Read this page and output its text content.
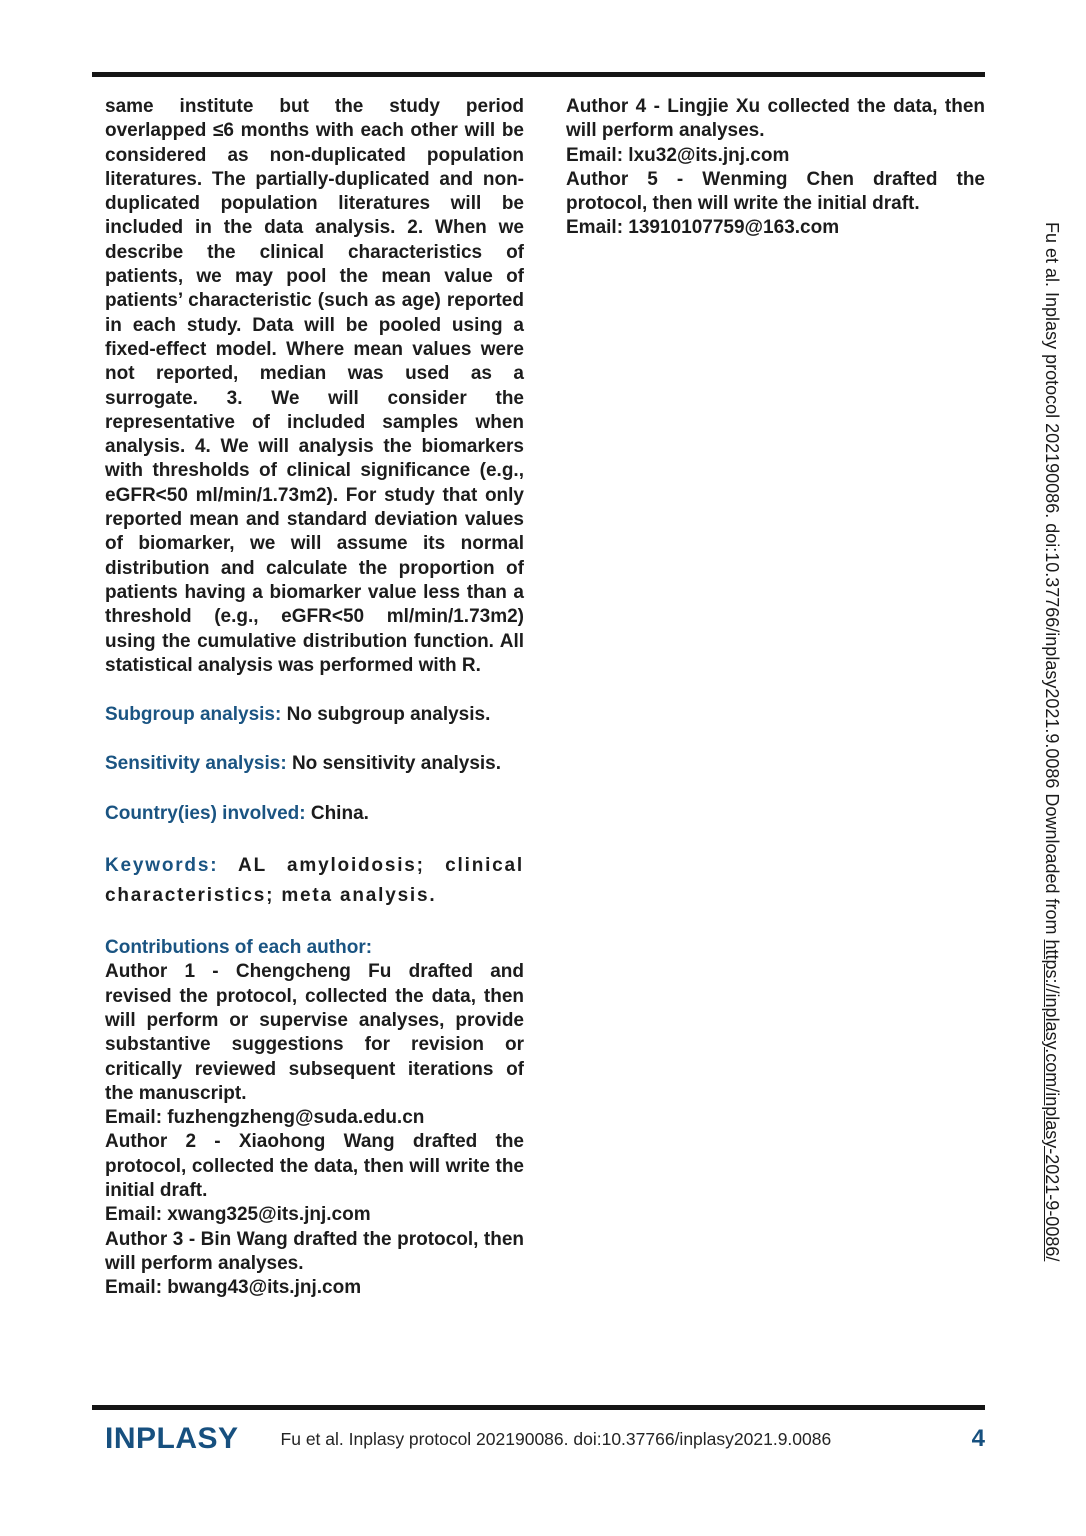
same institute but the study period overlapped ≤6 months with each other will be considered as non-duplicated population literatures. The partially-duplicated and non-duplicated population literatures will be included in the data analysis. 2. When we describe the clinical characteristics of patients, we may pool the mean value of patients’ characteristic (such as age) reported in each study. Data will be pooled using a fixed-effect model. Where mean values were not reported, median was used as a surrogate. 3. We will consider the representative of included samples when analysis. 4. We will analysis the biomarkers with thresholds of clinical significance (e.g., eGFR<50 ml/min/1.73m2). For study that only reported mean and standard deviation values of biomarker, we will assume its normal distribution and calculate the proportion of patients having a biomarker value less than a threshold (e.g., eGFR<50 ml/min/1.73m2) using the cumulative distribution function. All statistical analysis was performed with R.

Subgroup analysis: No subgroup analysis.

Sensitivity analysis: No sensitivity analysis.

Country(ies) involved: China.

Keywords: AL amyloidosis; clinical characteristics; meta analysis.

Contributions of each author:

Author 1 - Chengcheng Fu drafted and revised the protocol, collected the data, then will perform or supervise analyses, provide substantive suggestions for revision or critically reviewed subsequent iterations of the manuscript.

Email: fuzhengzheng@suda.edu.cn

Author 2 - Xiaohong Wang drafted the protocol, collected the data, then will write the initial draft.

Email: xwang325@its.jnj.com

Author 3 - Bin Wang drafted the protocol, then will perform analyses.

Email: bwang43@its.jnj.com

Author 4 - Lingjie Xu collected the data, then will perform analyses.

Email: lxu32@its.jnj.com

Author 5 - Wenming Chen drafted the protocol, then will write the initial draft.

Email: 13910107759@163.com	Fu et al. Inplasy protocol 202190086. doi:10.37766/inplasy2021.9.0086 Downloaded from https://inplasy.com/inplasy-2021-9-0086/
INPLASY Fu et al. Inplasy protocol 202190086. doi:10.37766/inplasy2021.9.0086	4
